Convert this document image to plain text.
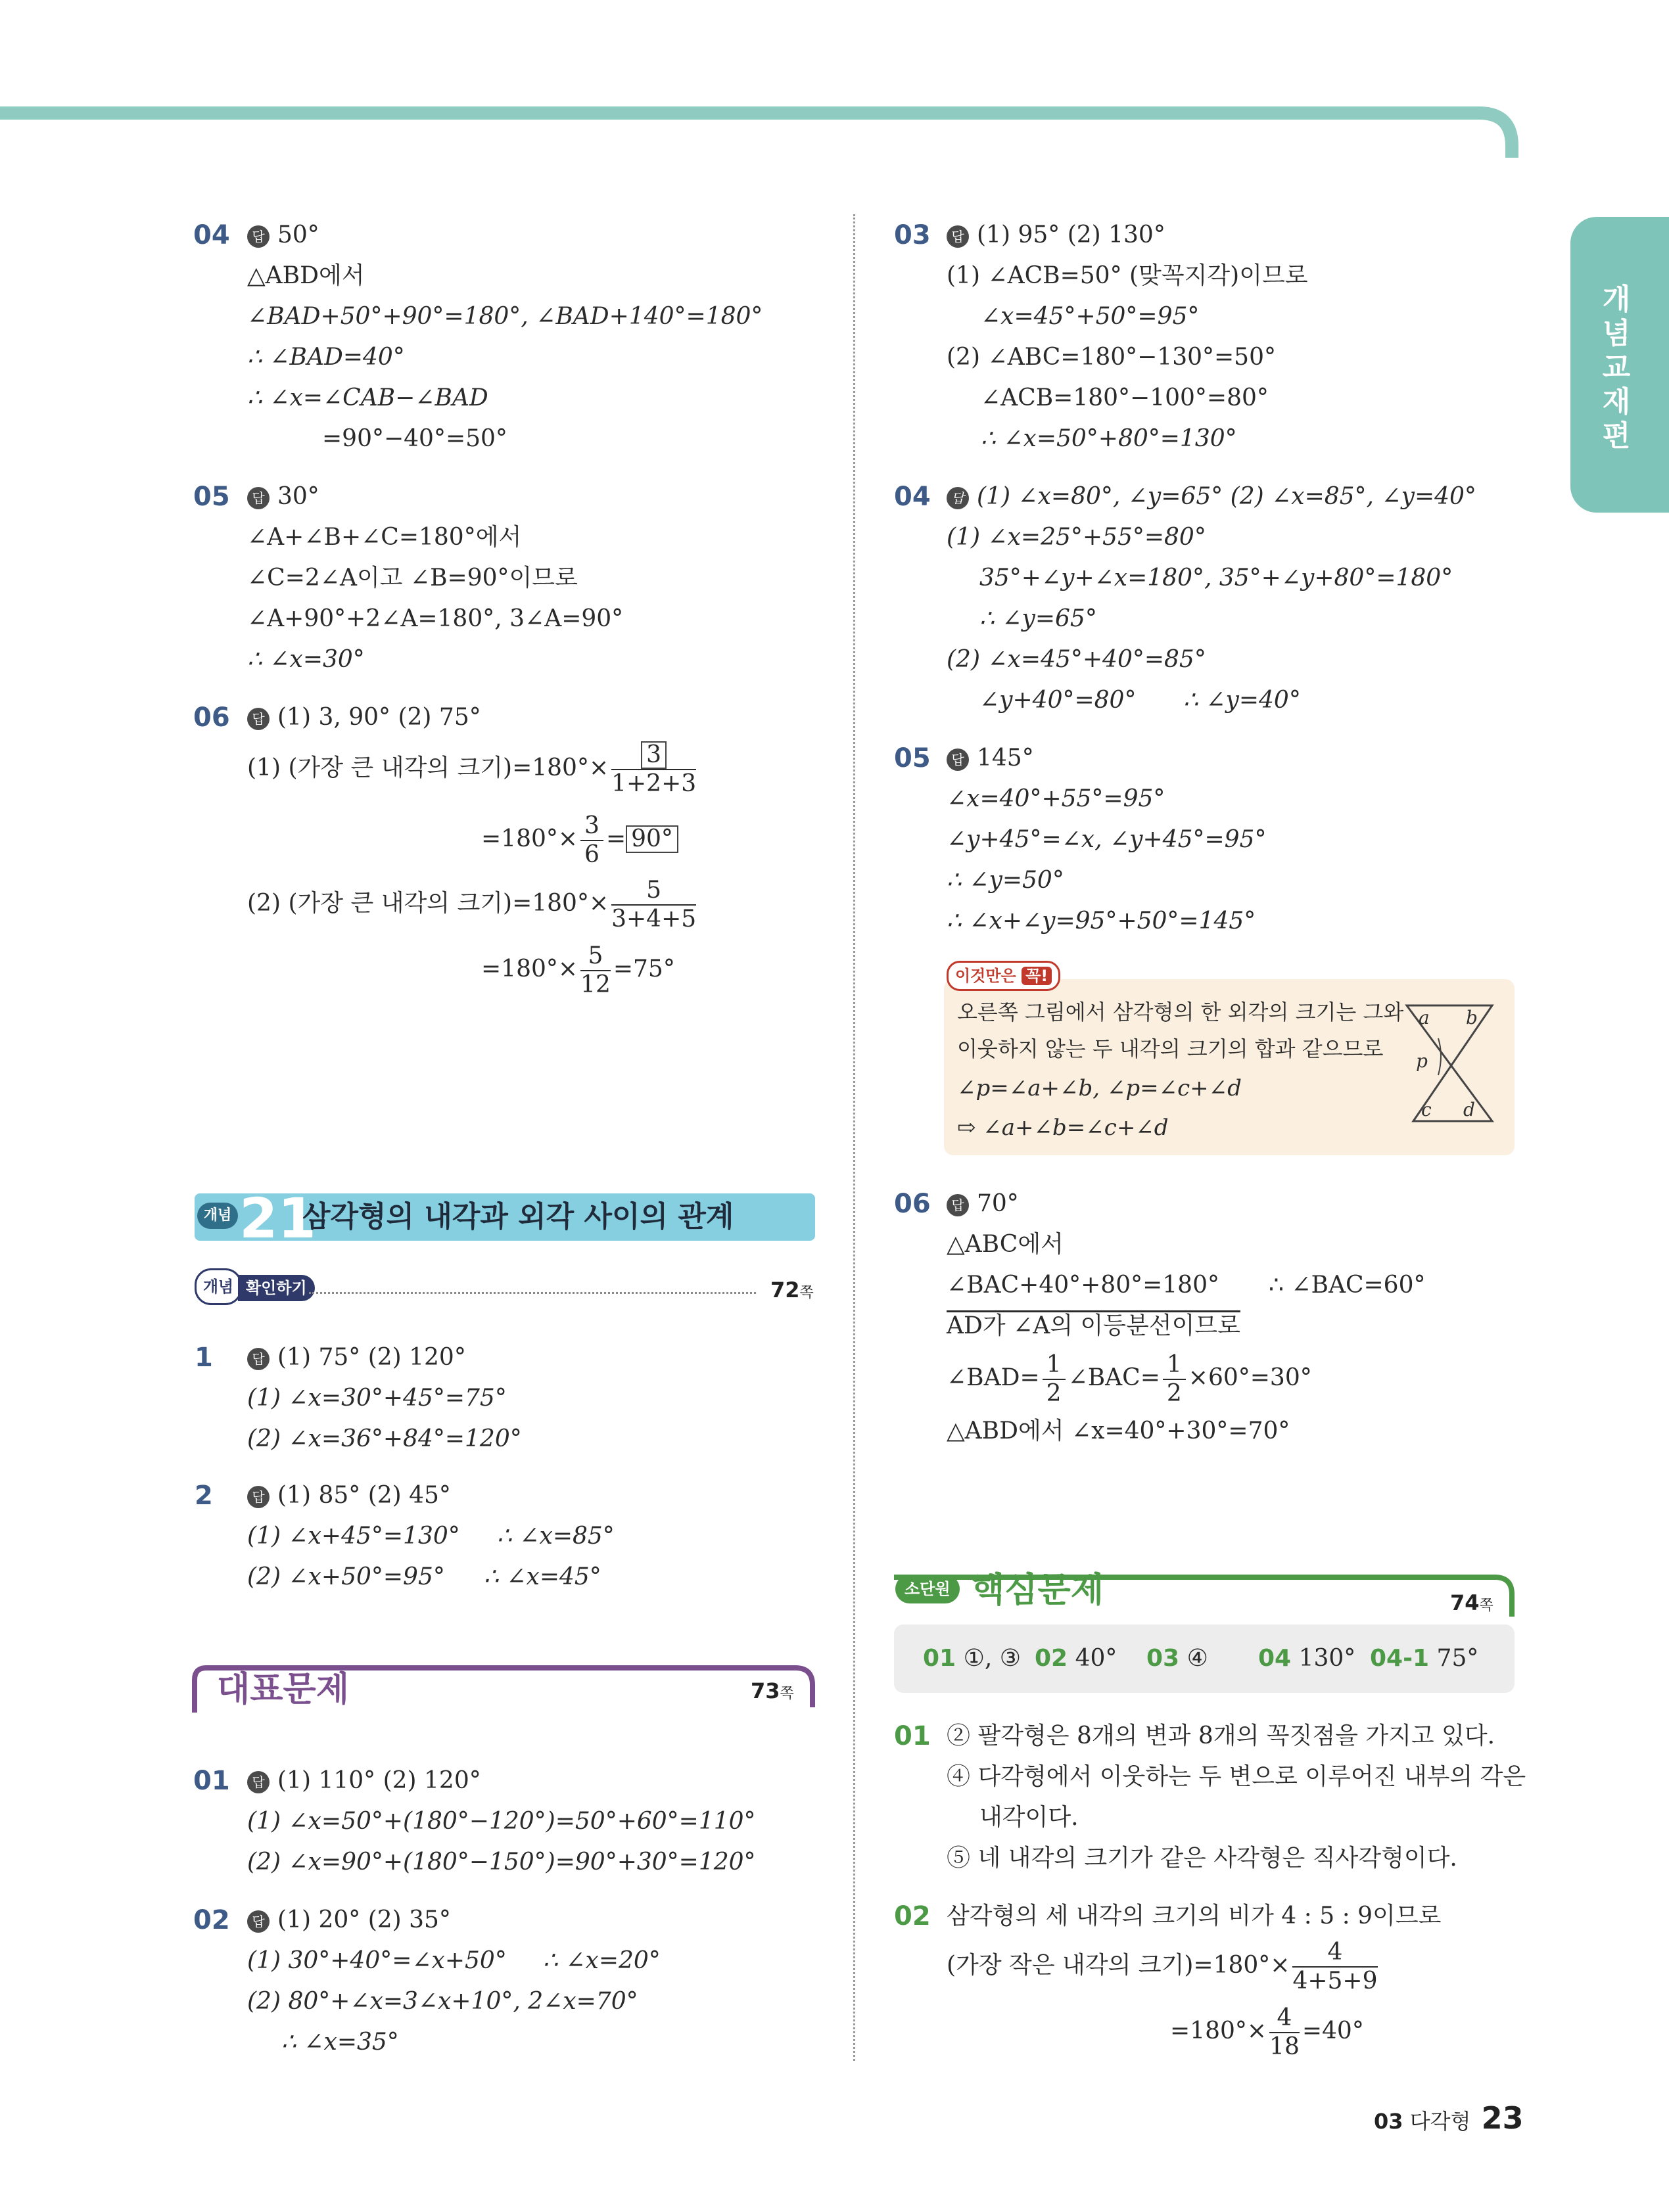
개념교재편
04	답 50°
△ABD에서
∠BAD+50°+90°=180°, ∠BAD+140°=180°
∴ ∠BAD=40°
∴ ∠x=∠CAB−∠BAD
=90°−40°=50°
05	답 30°
∠A+∠B+∠C=180°에서
∠C=2∠A이고 ∠B=90°이므로
∠A+90°+2∠A=180°, 3∠A=90°
∴ ∠x=30°
06	답 (1) 3, 90° (2) 75°
(1) (가장 큰 내각의 크기)$=180^\circ\times \frac{3}{1+2+3}$
$=180^\circ\times \frac{3}{6} = 90^\circ$
(2) (가장 큰 내각의 크기)$=180^\circ\times \frac{5}{3+4+5}$
$=180^\circ\times \frac{5}{12} =75^\circ$
개념 21
삼각형의 내각과 외각 사이의 관계
개념 확인하기	72쪽
1	답 (1) 75° (2) 120°
(1) ∠x=30°+45°=75°
(2) ∠x=36°+84°=120°
2	답 (1) 85° (2) 45°
(1) ∠x+45°=130° ∴ ∠x=85°
(2) ∠x+50°=95° ∴ ∠x=45°
대표문제	73쪽
01	답 (1) 110° (2) 120°
(1) ∠x=50°+(180°−120°)=50°+60°=110°
(2) ∠x=90°+(180°−150°)=90°+30°=120°
02	답 (1) 20° (2) 35°
(1) 30°+40°=∠x+50° ∴ ∠x=20°
(2) 80°+∠x=3∠x+10°, 2∠x=70°
∴ ∠x=35°
03	답 (1) 95° (2) 130°
(1) ∠ACB=50° (맞꼭지각)이므로
∠x=45°+50°=95°
(2) ∠ABC=180°−130°=50°
∠ACB=180°−100°=80°
∴ ∠x=50°+80°=130°
04	답 (1) ∠x=80°, ∠y=65° (2) ∠x=85°, ∠y=40°
(1) ∠x=25°+55°=80°
35°+∠y+∠x=180°, 35°+∠y+80°=180°
∴ ∠y=65°
(2) ∠x=45°+40°=85°
∠y+40°=80° ∴ ∠y=40°
05	답 145°
∠x=40°+55°=95°
∠y+45°=∠x, ∠y+45°=95°
∴ ∠y=50°
∴ ∠x+∠y=95°+50°=145°
이것만은 꼭!
오른쪽 그림에서 삼각형의 한 외각의 크기는 그와
이웃하지 않는 두 내각의 크기의 합과 같으므로
∠p=∠a+∠b, ∠p=∠c+∠d
⇨ ∠a+∠b=∠c+∠d
a b
p
c d
06	답 70°
△ABC에서
∠BAC+40°+80°=180° ∴ ∠BAC=60°
AD가 ∠A의 이등분선이므로
∠BAD= $\frac{1}{2}$ ∠BAC= $\frac{1}{2} \times 60^\circ=30^\circ$
△ABD에서 ∠x=40°+30°=70°
소단원 핵심문제	74쪽
01 ①, ③ 02 40° 03 ④ 04 130° 04-1 75°
01 ② 팔각형은 8개의 변과 8개의 꼭짓점을 가지고 있다.
④ 다각형에서 이웃하는 두 변으로 이루어진 내부의 각은
내각이다.
⑤ 네 내각의 크기가 같은 사각형은 직사각형이다.
02 삼각형의 세 내각의 크기의 비가 4 : 5 : 9이므로
(가장 작은 내각의 크기)$=180^\circ\times \frac{4}{4+5+9}$
$=180^\circ\times \frac{4}{18} =40^\circ$
03 다각형 23
